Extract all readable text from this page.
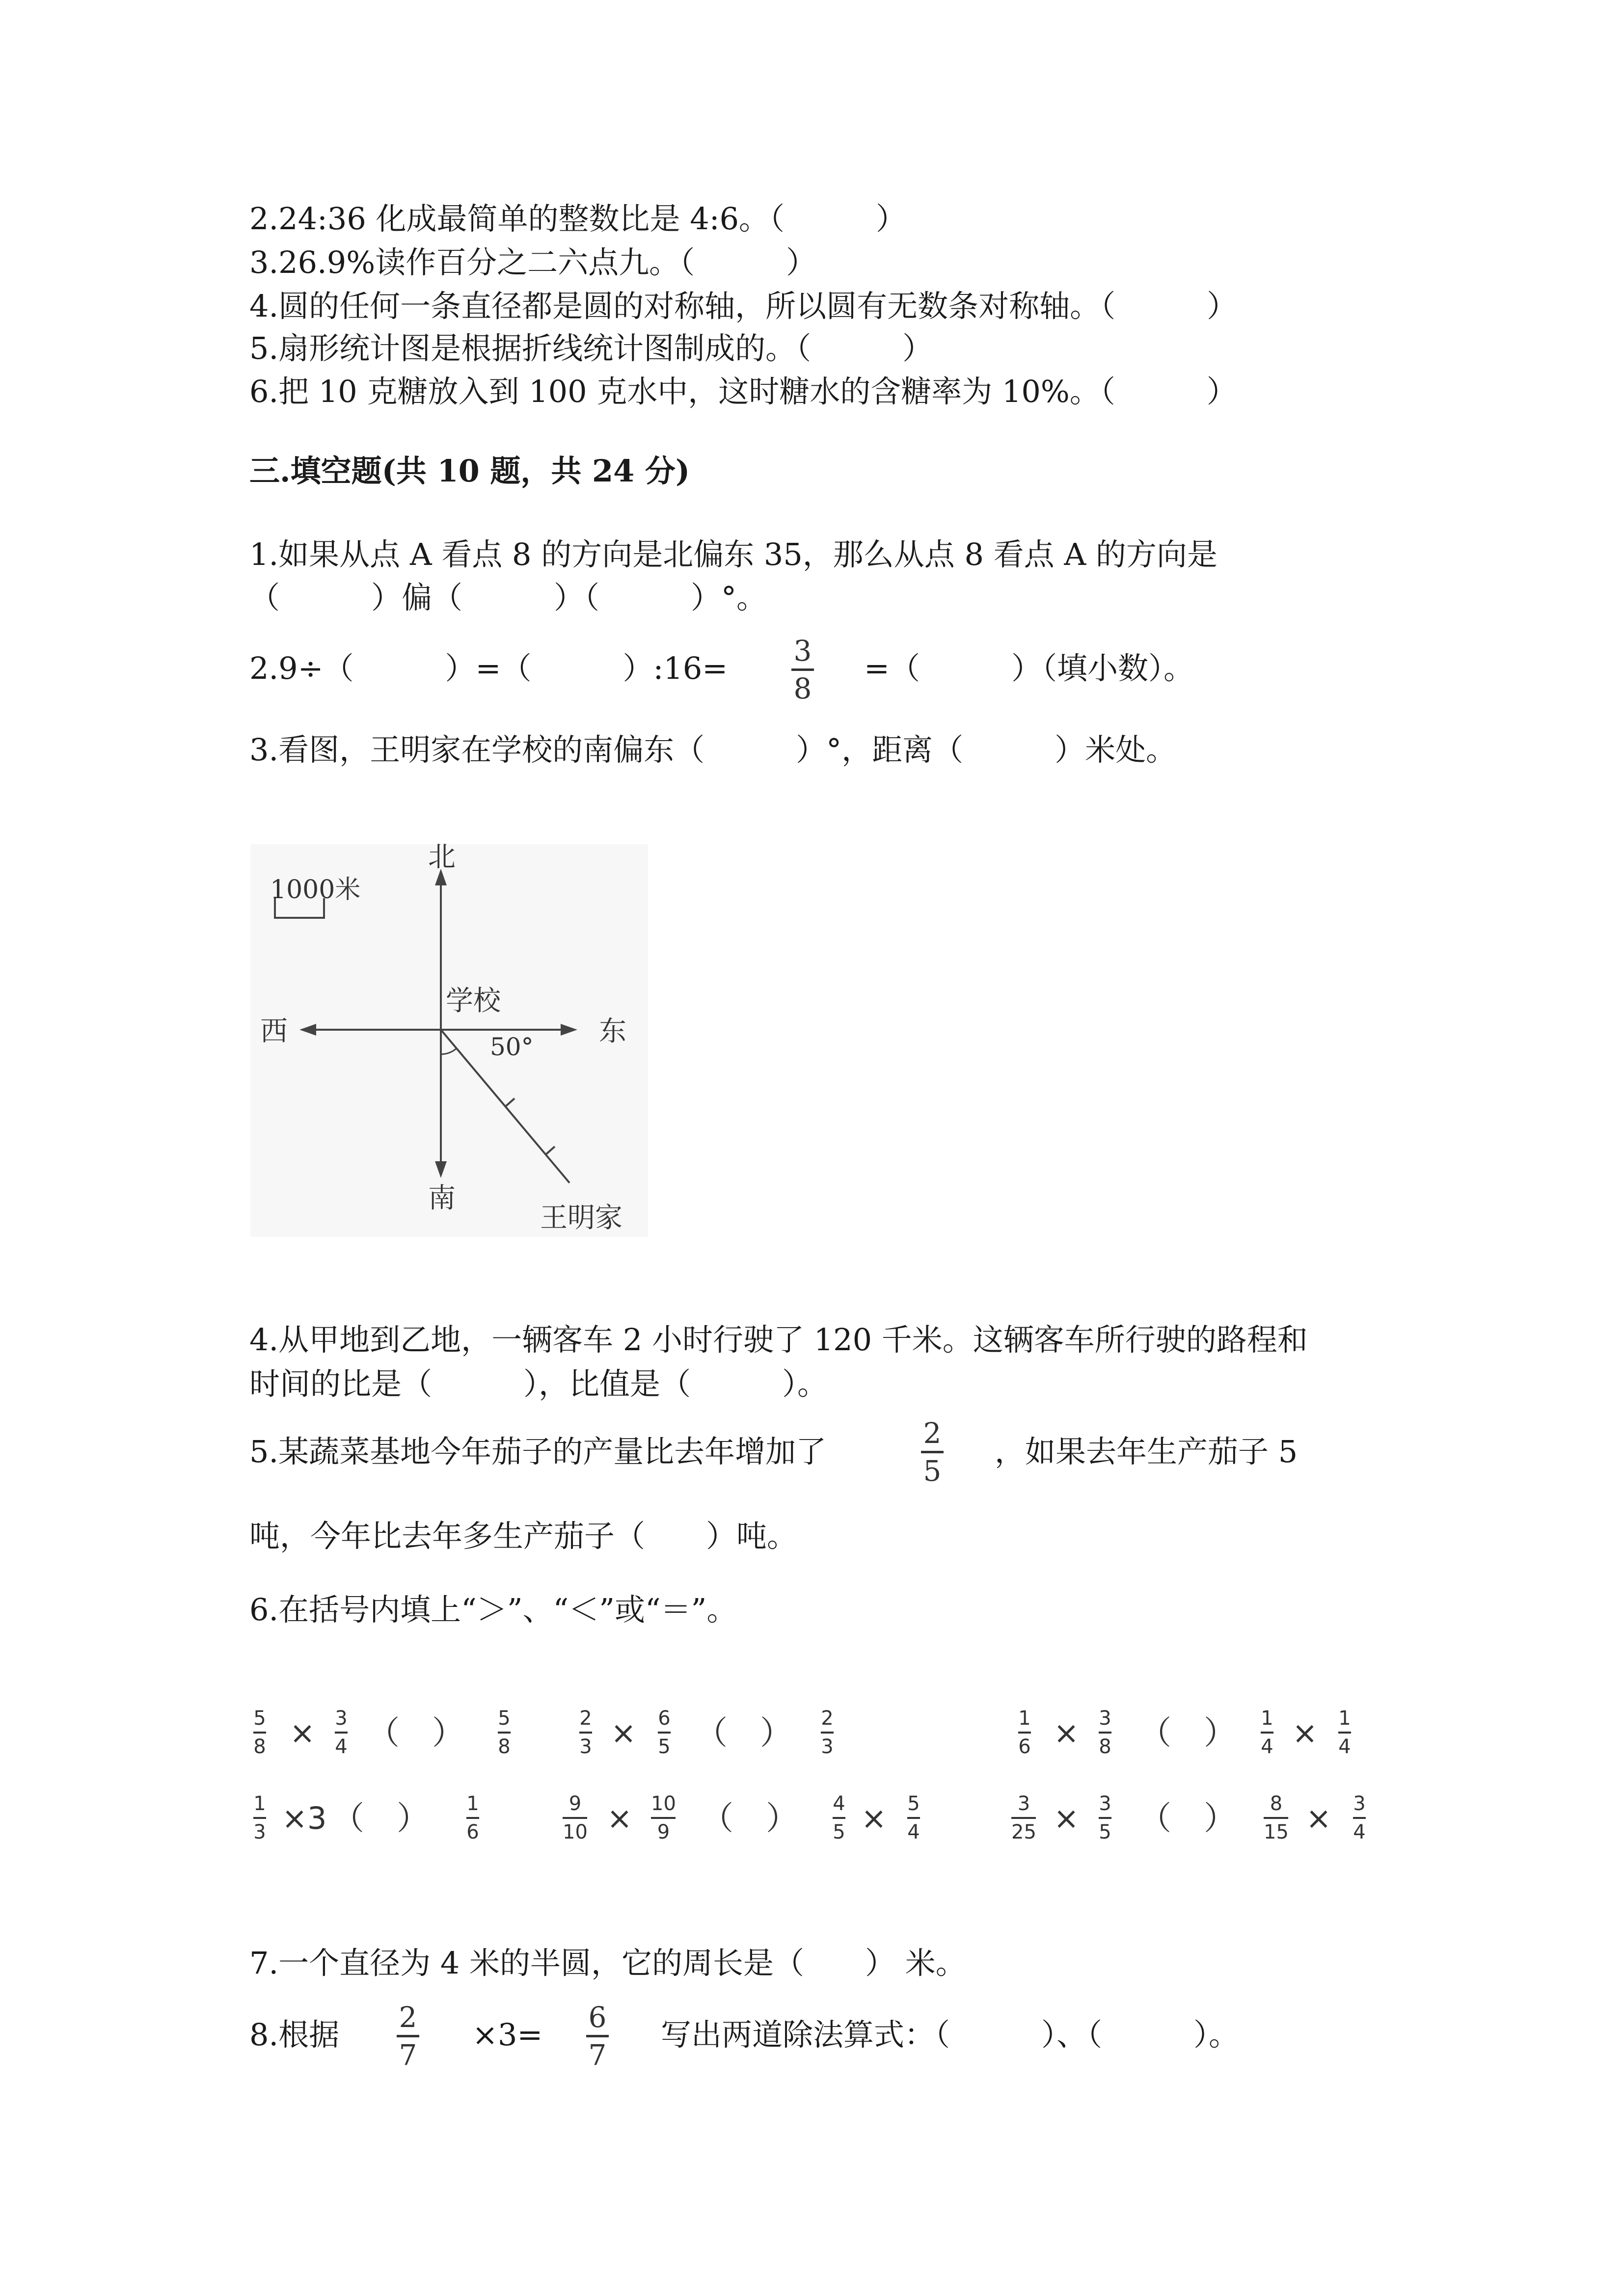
2.24:36 化成最简单的整数比是 4:6。（　　　）
3.26.9%读作百分之二六点九。（　　　）
4.圆的任何一条直径都是圆的对称轴，所以圆有无数条对称轴。（　　　）
5.扇形统计图是根据折线统计图制成的。（　　　）
6.把 10 克糖放入到 100 克水中，这时糖水的含糖率为 10%。（　　　）
三.填空题(共 10 题，共 24 分)
1.如果从点 A 看点 8 的方向是北偏东 35，那么从点 8 看点 A 的方向是
（　　　）偏（　　　）（　　　）°。
2.9÷（　　　）=（　　　）:16= 3
8
=（　　　）（填小数）。
3.看图，王明家在学校的南偏东（　　　）°，距离（　　　）米处。
北
南
西	东
学校
50°
王明家
1000米
4.从甲地到乙地，一辆客车 2 小时行驶了 120 千米。这辆客车所行驶的路程和
时间的比是（　　　），比值是（　　　）。
5.某蔬菜基地今年茄子的产量比去年增加了
2
5
，如果去年生产茄子 5
吨，今年比去年多生产茄子（　　）吨。
6.在括号内填上“＞”、“＜”或“＝”。
5
8 × 3
4 （　） 5
8
2
3 × 6
5 （　） 2
3
1
6 × 3
8 （　） 1
4 × 1
4
1
3 ×3 （　） 1
6
9
10 × 10
9 （　） 4
5 × 5
4
3
25 × 3
5 （　） 8
15 × 3
4
7.一个直径为 4 米的半圆，它的周长是（　　） 米。
8.根据 2
7
×3= 6
7
写出两道除法算式：（　　　）、（　　　）。
